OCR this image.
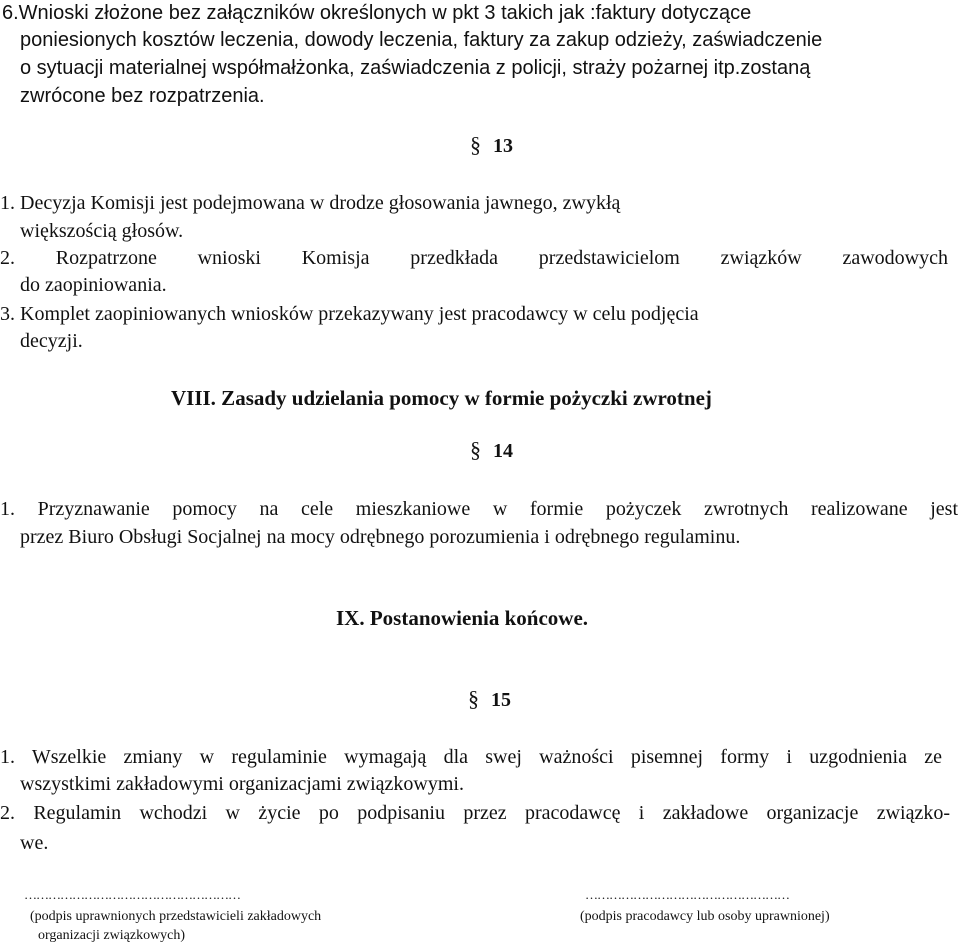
6.Wnioski złożone bez załączników określonych w pkt 3 takich jak :faktury dotyczące
poniesionych kosztów leczenia, dowody leczenia, faktury za zakup odzieży, zaświadczenie
o sytuacji materialnej współmałżonka, zaświadczenia z policji, straży pożarnej itp.zostaną
zwrócone bez rozpatrzenia.
§ 13
1. Decyzja Komisji jest podejmowana w drodze głosowania jawnego, zwykłą
większością głosów.
2. Rozpatrzone wnioski Komisja przedkłada przedstawicielom związków zawodowych
do zaopiniowania.
3. Komplet zaopiniowanych wniosków przekazywany jest pracodawcy w celu podjęcia
decyzji.
VIII. Zasady udzielania pomocy w formie pożyczki zwrotnej
§ 14
1. Przyznawanie pomocy na cele mieszkaniowe w formie pożyczek zwrotnych realizowane jest
przez Biuro Obsługi Socjalnej na mocy odrębnego porozumienia i odrębnego regulaminu.
IX. Postanowienia końcowe.
§ 15
1. Wszelkie zmiany w regulaminie wymagają dla swej ważności pisemnej formy i uzgodnienia ze
wszystkimi zakładowymi organizacjami związkowymi.
2. Regulamin wchodzi w życie po podpisaniu przez pracodawcę i zakładowe organizacje związko-
we.
………………………………………………
(podpis uprawnionych przedstawicieli zakładowych
organizacji związkowych)
……………………………………………
(podpis pracodawcy lub osoby uprawnionej)
